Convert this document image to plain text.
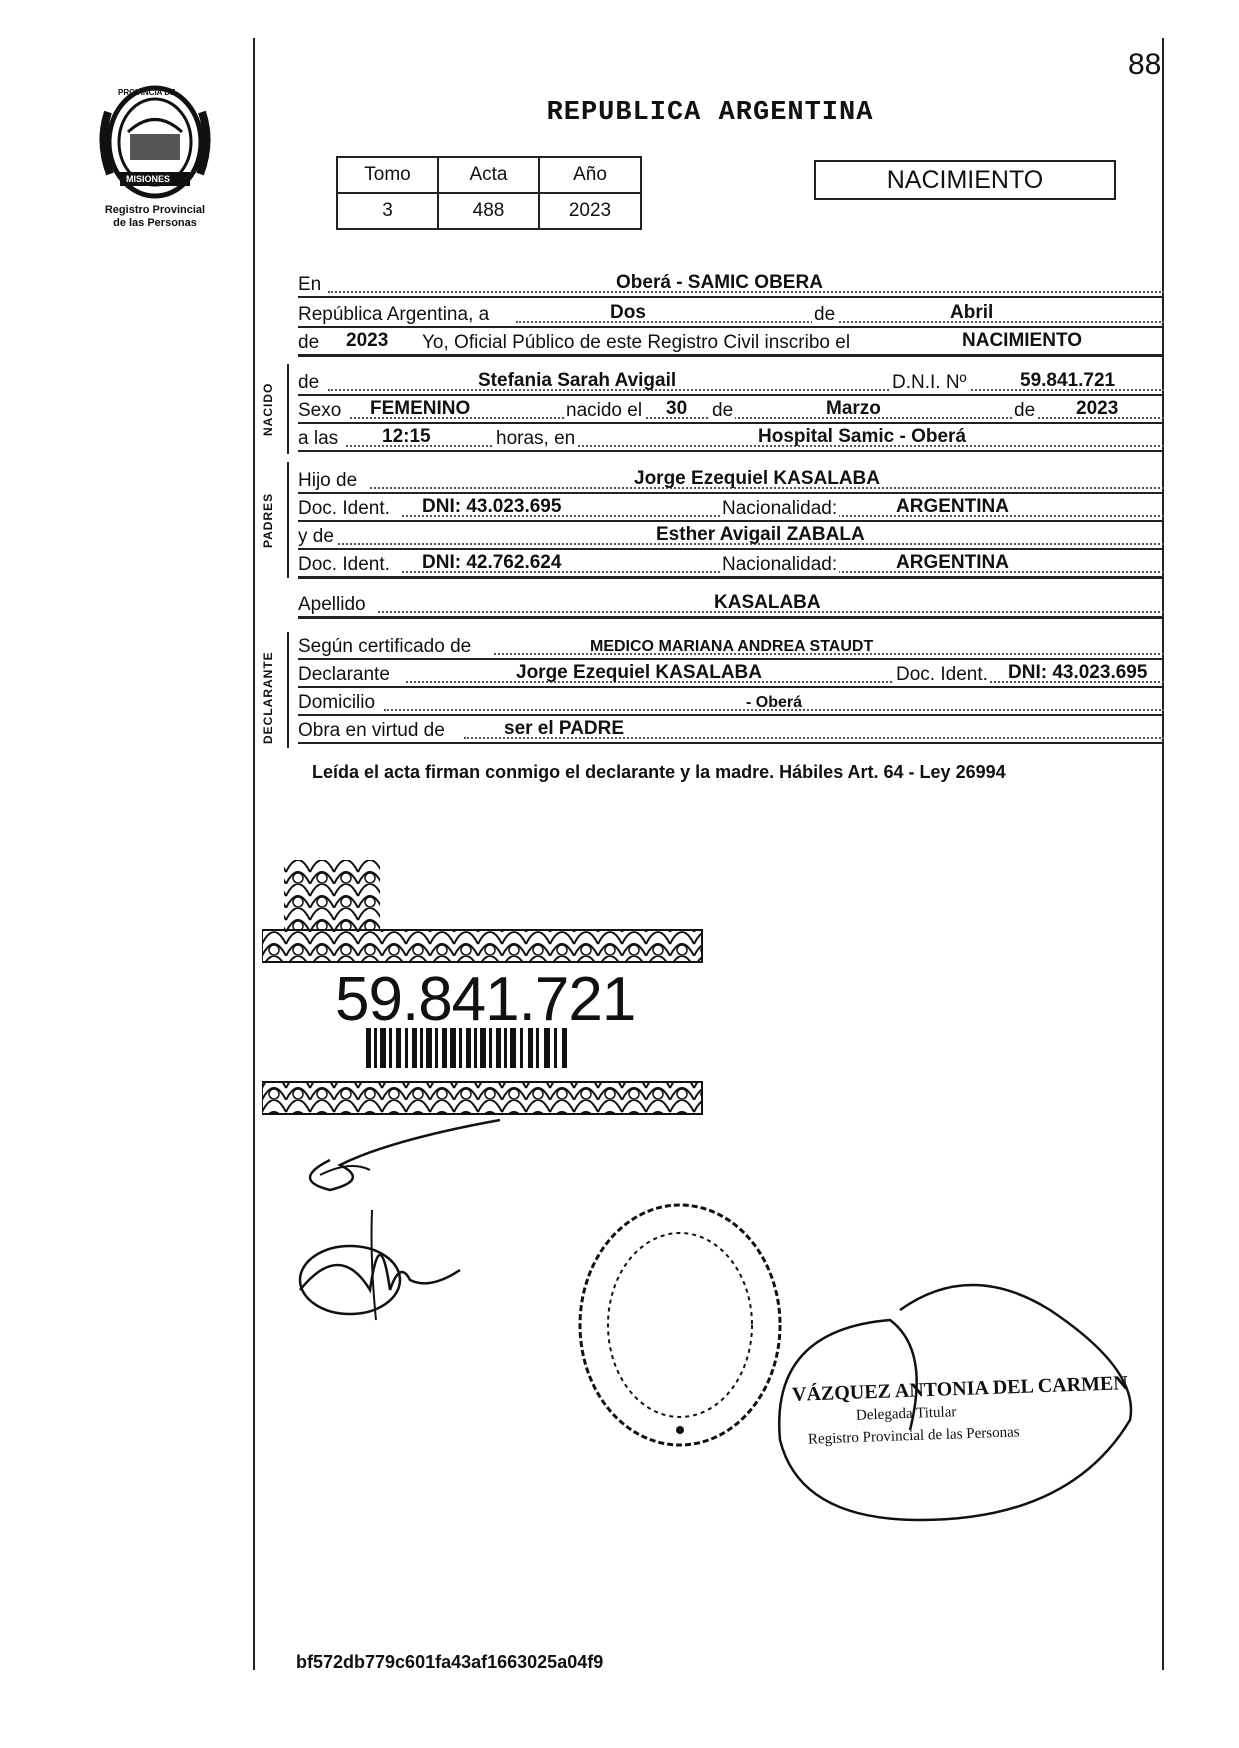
88
PROVINCIA DE
MISIONES
Registro Provincial
de las Personas
REPUBLICA ARGENTINA
Tomo	Acta	Año
3	488	2023
NACIMIENTO
En	Oberá - SAMIC OBERA
República Argentina, a	Dos	de	Abril
de 2023 Yo, Oficial Público de este Registro Civil inscribo el	NACIMIENTO
NACIDO
de	Stefania Sarah Avigail	D.N.I. Nº	59.841.721
Sexo FEMENINO	nacido el 30 de	Marzo	de 2023
a las 12:15	horas, en	Hospital Samic - Oberá
PADRES
Hijo de	Jorge Ezequiel KASALABA
Doc. Ident. DNI: 43.023.695	Nacionalidad:	ARGENTINA
y de	Esther Avigail ZABALA
Doc. Ident. DNI: 42.762.624	Nacionalidad:	ARGENTINA
Apellido	KASALABA
DECLARANTE
Según certificado de	MEDICO MARIANA ANDREA STAUDT
Declarante	Jorge Ezequiel KASALABA	Doc. Ident. DNI: 43.023.695
Domicilio	- Oberá
Obra en virtud de	ser el PADRE
Leída el acta firman conmigo el declarante y la madre. Hábiles Art. 64 - Ley 26994
59.841.721
VÁZQUEZ ANTONIA DEL CARMEN
Delegada Titular
Registro Provincial de las Personas
bf572db779c601fa43af1663025a04f9
